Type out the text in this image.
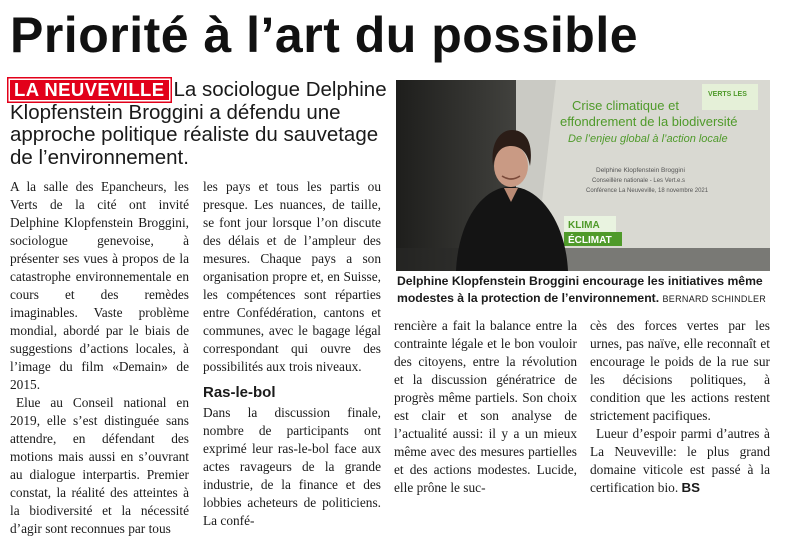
Priorité à l’art du possible
LA NEUVEVILLE La sociologue Delphine Klopfenstein Broggini a défendu une approche politique réaliste du sauvetage de l’environnement.

A la salle des Epancheurs, les Verts de la cité ont invité Delphine Klopfenstein Broggini, sociologue genevoise, à présenter ses vues à propos de la catastrophe environnementale en cours et des remèdes imaginables. Vaste problème mondial, abordé par le biais de suggestions d’actions locales, à l’image du film «Demain» de 2015.

Elue au Conseil national en 2019, elle s’est distinguée sans attendre, en défendant des motions mais aussi en s’ouvrant au dialogue interpartis. Premier constat, la réalité des atteintes à la biodiversité et la nécessité d’agir sont reconnues par tous

les pays et tous les partis ou presque. Les nuances, de taille, se font jour lorsque l’on discute des délais et de l’ampleur des mesures. Chaque pays a son organisation propre et, en Suisse, les compétences sont réparties entre Confédération, cantons et communes, avec le bagage légal correspondant qui ouvre des possibilités aux trois niveaux.

Ras-le-bol

Dans la discussion finale, nombre de participants ont exprimé leur ras-le-bol face aux actes ravageurs de la grande industrie, de la finance et des lobbies acheteurs de politiciens. La confé-

rencière a fait la balance entre la contrainte légale et le bon vouloir des citoyens, entre la révolution et la discussion génératrice de progrès même partiels. Son choix est clair et son analyse de l’actualité aussi: il y a un mieux même avec des mesures partielles et des actions modestes. Lucide, elle prône le suc-

cès des forces vertes par les urnes, pas naïve, elle reconnaît et encourage le poids de la rue sur les décisions politiques, à condition que les actions restent strictement pacifiques.

Lueur d’espoir parmi d’autres à La Neuveville: le plus grand domaine viticole est passé à la certification bio. BS

Crise climatique et
effondrement de la biodiversité
De l’enjeu global à l’action locale
Delphine Klopfenstein Broggini
Conseillère nationale - Les Vert.e.s
Conférence La Neuveville, 18 novembre 2021
KLIMA
ÉCLIMAT
VERTS LES
Delphine Klopfenstein Broggini encourage les initiatives même modestes à la protection de l’environnement. BERNARD SCHINDLER
